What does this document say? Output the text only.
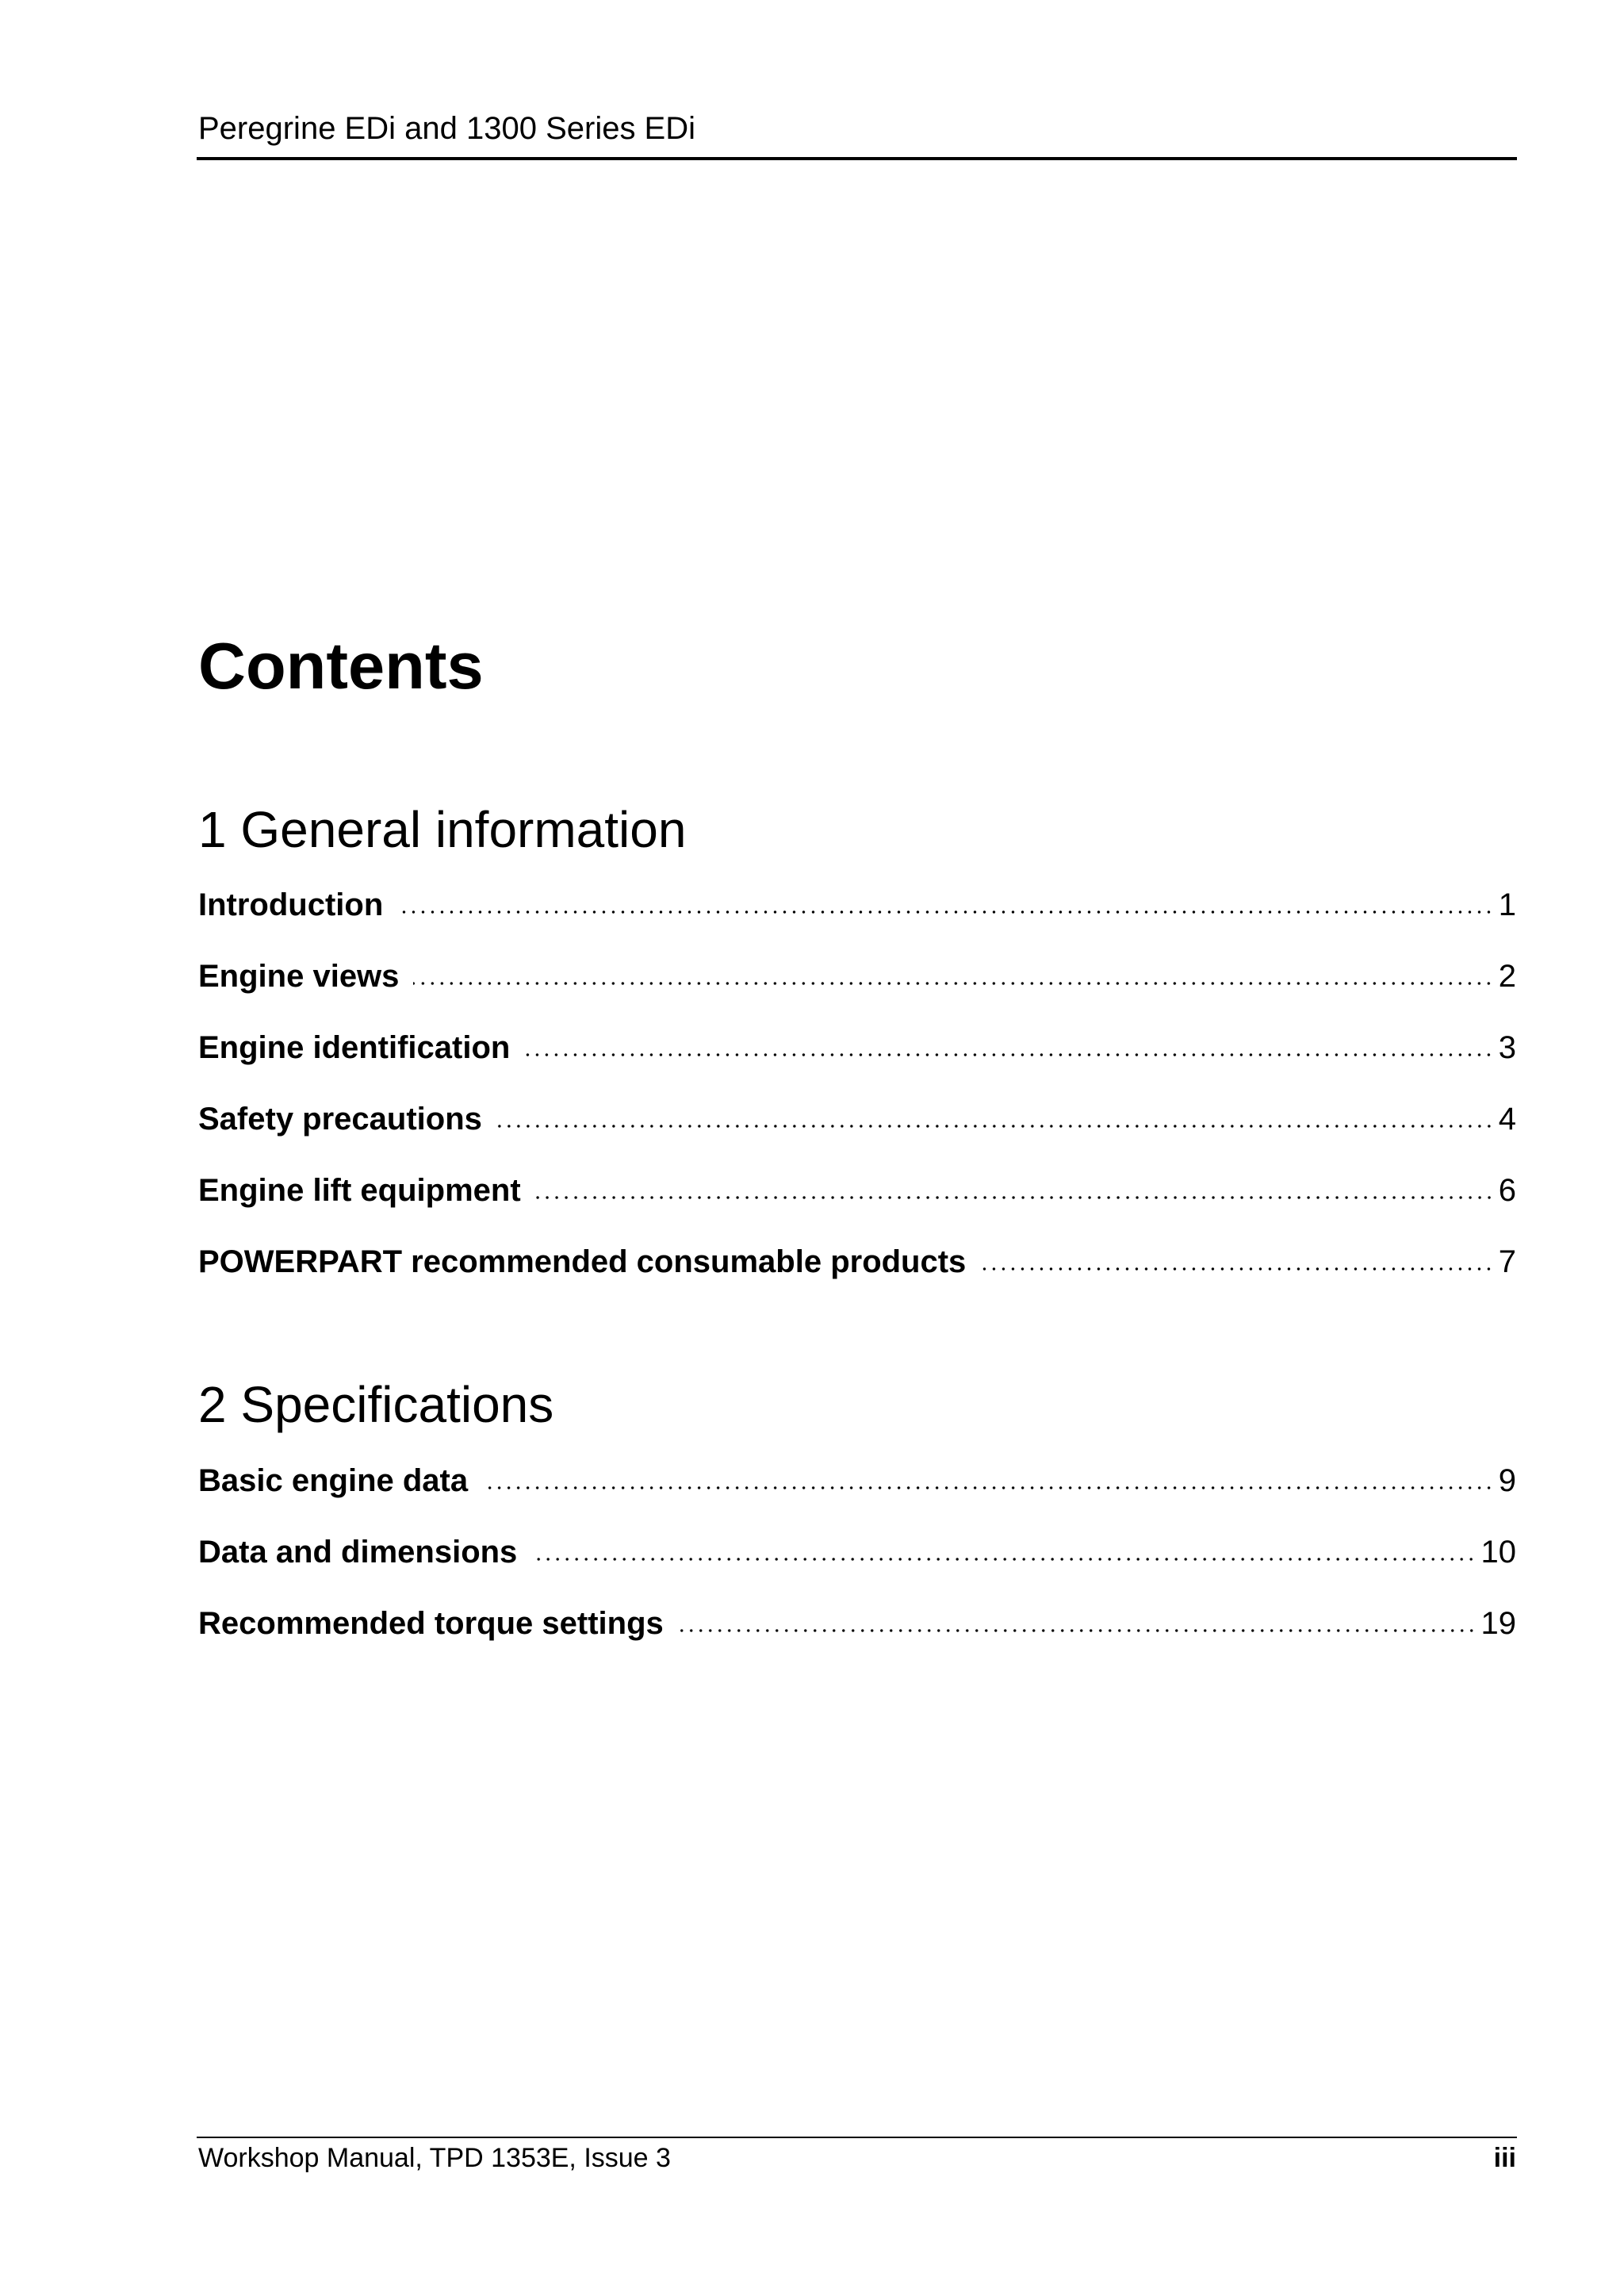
Peregrine EDi and 1300 Series EDi
Contents
1 General information
Introduction	1
Engine views	2
Engine identification	3
Safety precautions	4
Engine lift equipment	6
POWERPART recommended consumable products	7
2 Specifications
Basic engine data	9
Data and dimensions	10
Recommended torque settings	19
Workshop Manual, TPD 1353E, Issue 3	iii
